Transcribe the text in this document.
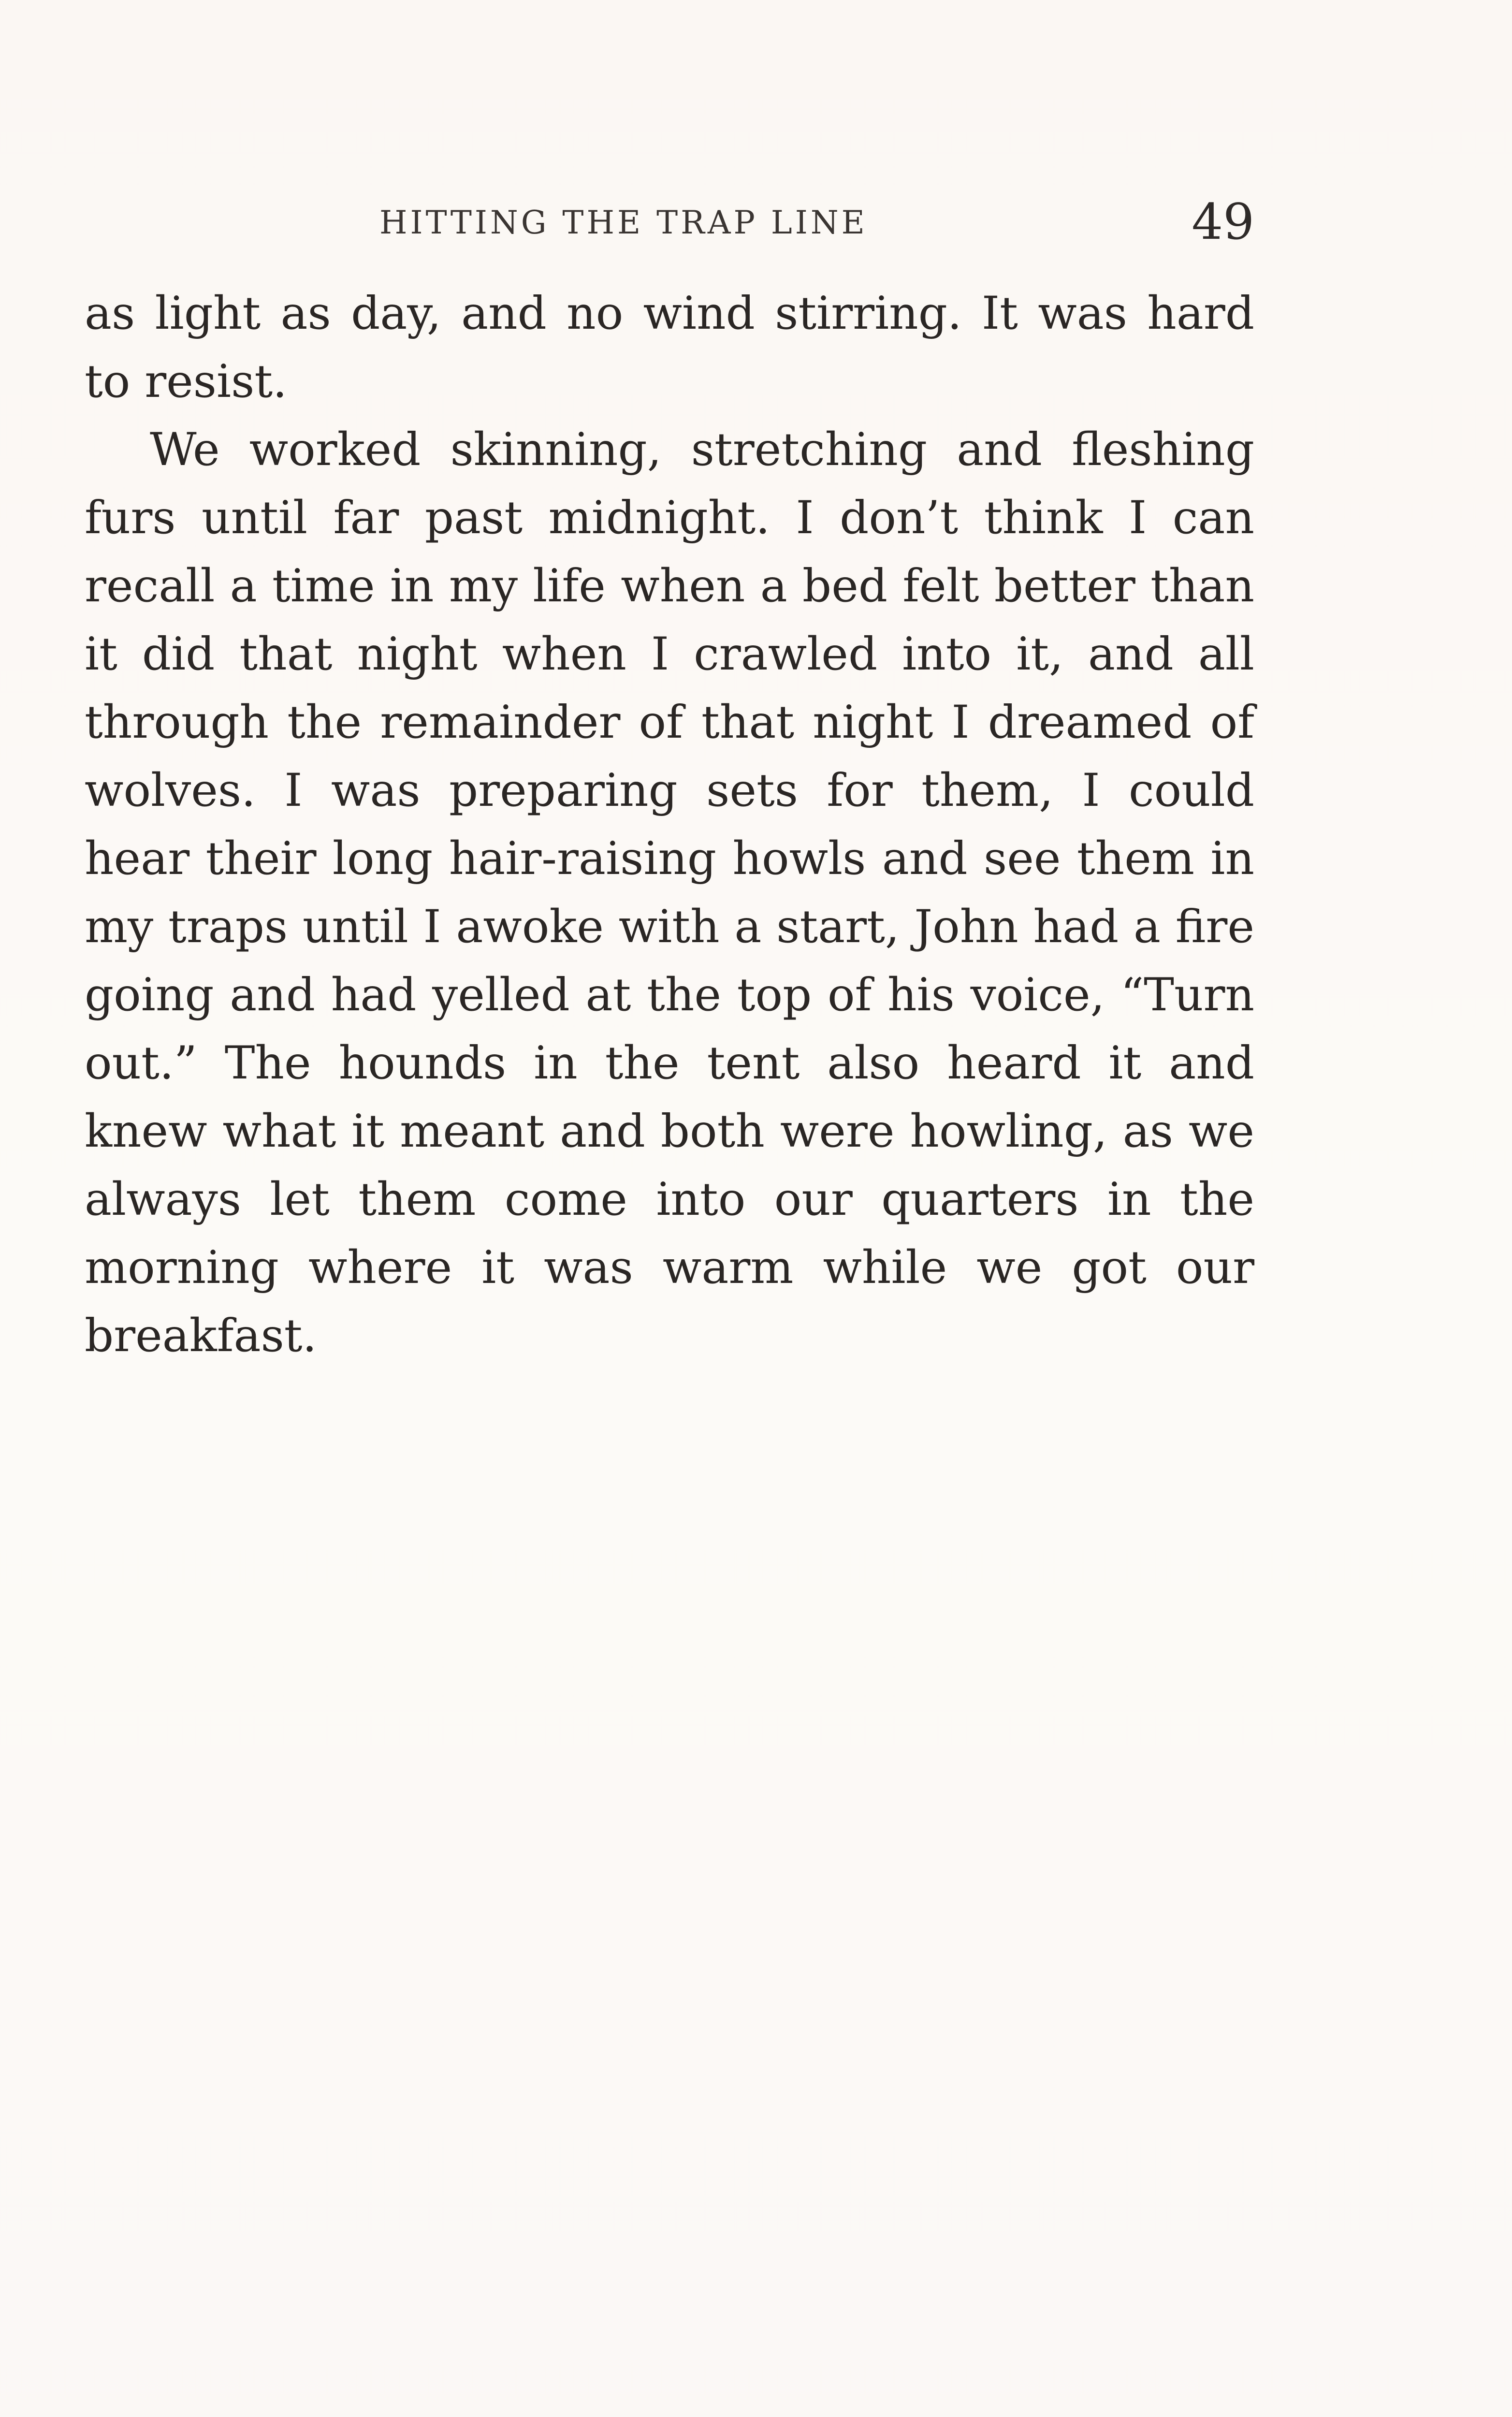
HITTING THE TRAP LINE	49

as light as day, and no wind stirring. It was hard to resist.

We worked skinning, stretching and fleshing furs until far past midnight. I don’t think I can recall a time in my life when a bed felt better than it did that night when I crawled into it, and all through the remainder of that night I dreamed of wolves. I was preparing sets for them, I could hear their long hair-raising howls and see them in my traps until I awoke with a start, John had a fire going and had yelled at the top of his voice, “Turn out.” The hounds in the tent also heard it and knew what it meant and both were howling, as we always let them come into our quarters in the morning where it was warm while we got our breakfast.
